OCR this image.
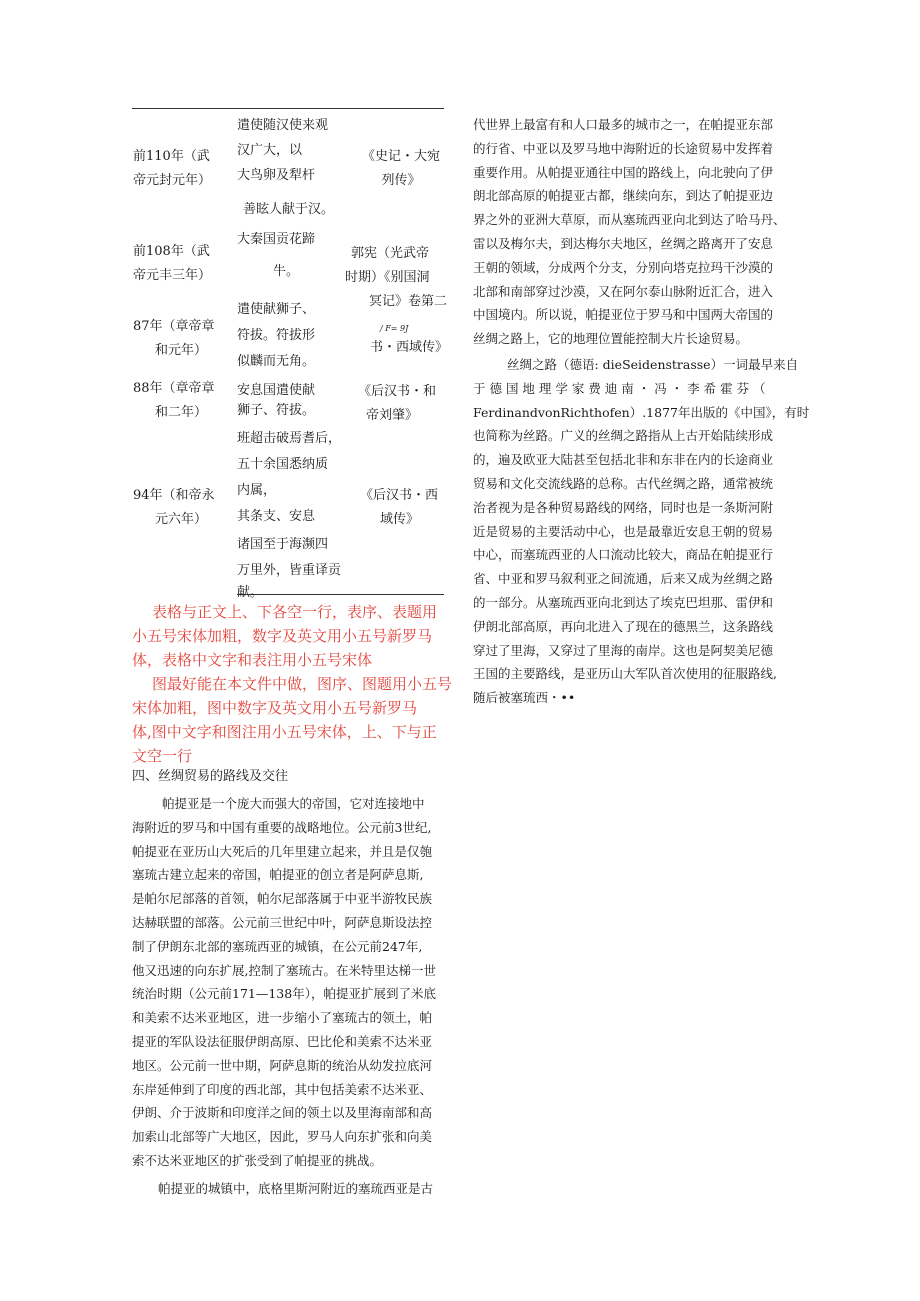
前110年（武
帝元封元年）
遣使随汉使来观
汉广大，以
大鸟卵及犁杆
善眩人献于汉。
《史记・大宛
列传》
前108年（武
帝元丰三年）
大秦国贡花蹄
牛。
郭宪（光武帝
时期）《别国洞
冥记》卷第二
87年（章帝章
和元年）
遣使献狮子、
符拔。符拔形
似麟而无角。
/ F= 9J
书・西域传》
88年（章帝章
和二年）
安息国遣使献
狮子、符拔。
《后汉书・和
帝刘肇》
94年（和帝永
元六年）
班超击破焉耆后，
五十余国悉纳质
内属，
其条支、安息
诸国至于海濒四
万里外，皆重译贡
献。
《后汉书・西
域传》
表格与正文上、下各空一行，表序、表题用
小五号宋体加粗，数字及英文用小五号新罗马
体，表格中文字和表注用小五号宋体
图最好能在本文件中做，图序、图题用小五号
宋体加粗，图中数字及英文用小五号新罗马
体,图中文字和图注用小五号宋体，上、下与正
文空一行
四、丝绸贸易的路线及交往
帕提亚是一个庞大而强大的帝国，它对连接地中
海附近的罗马和中国有重要的战略地位。公元前3世纪,
帕提亚在亚历山大死后的几年里建立起来，并且是仅匏
塞琉古建立起来的帝国，帕提亚的创立者是阿萨息斯,
是帕尔尼部落的首领，帕尔尼部落属于中亚半游牧民族
达赫联盟的部落。公元前三世纪中叶，阿萨息斯设法控
制了伊朗东北部的塞琉西亚的城镇，在公元前247年,
他又迅速的向东扩展,控制了塞琉古。在米特里达梯一世
统治时期（公元前171—138年），帕提亚扩展到了米底
和美索不达米亚地区，进一步缩小了塞琉古的领土，帕
提亚的军队设法征服伊朗高原、巴比伦和美索不达米亚
地区。公元前一世中期，阿萨息斯的统治从幼发拉底河
东岸延伸到了印度的西北部，其中包括美索不达米亚、
伊朗、介于波斯和印度洋之间的领土以及里海南部和高
加索山北部等广大地区，因此，罗马人向东扩张和向美
索不达米亚地区的扩张受到了帕提亚的挑战。
帕提亚的城镇中，底格里斯河附近的塞琉西亚是古
代世界上最富有和人口最多的城市之一，在帕提亚东部
的行省、中亚以及罗马地中海附近的长途贸易中发挥着
重要作用。从帕提亚通往中国的路线上，向北驶向了伊
朗北部高原的帕提亚古都，继续向东，到达了帕提亚边
界之外的亚洲大草原，而从塞琉西亚向北到达了哈马丹、
雷以及梅尔夫，到达梅尔夫地区，丝绸之路离开了安息
王朝的领域，分成两个分支，分别向塔克拉玛干沙漠的
北部和南部穿过沙漠，又在阿尔泰山脉附近汇合，进入
中国境内。所以说，帕提亚位于罗马和中国两大帝国的
丝绸之路上，它的地理位置能控制大片长途贸易。
丝绸之路（德语: dieSeidenstrasse）一词最早来自
于 德 国 地 理 学 家 费 迪 南 ・ 冯 ・ 李 希 霍 芬 （
FerdinandvonRichthofen）.1877年出版的《中国》，有时
也简称为丝路。广义的丝绸之路指从上古开始陆续形成
的，遍及欧亚大陆甚至包括北非和东非在内的长途商业
贸易和文化交流线路的总称。古代丝绸之路，通常被统
治者视为是各种贸易路线的网络，同时也是一条斯河附
近是贸易的主要活动中心，也是最靠近安息王朝的贸易
中心，而塞琉西亚的人口流动比较大，商品在帕提亚行
省、中亚和罗马叙利亚之间流通，后来又成为丝绸之路
的一部分。从塞琉西亚向北到达了埃克巴坦那、雷伊和
伊朗北部高原，再向北进入了现在的德黑兰，这条路线
穿过了里海，又穿过了里海的南岸。这也是阿契美尼德
王国的主要路线，是亚历山大军队首次使用的征服路线,
随后被塞琉西・••
